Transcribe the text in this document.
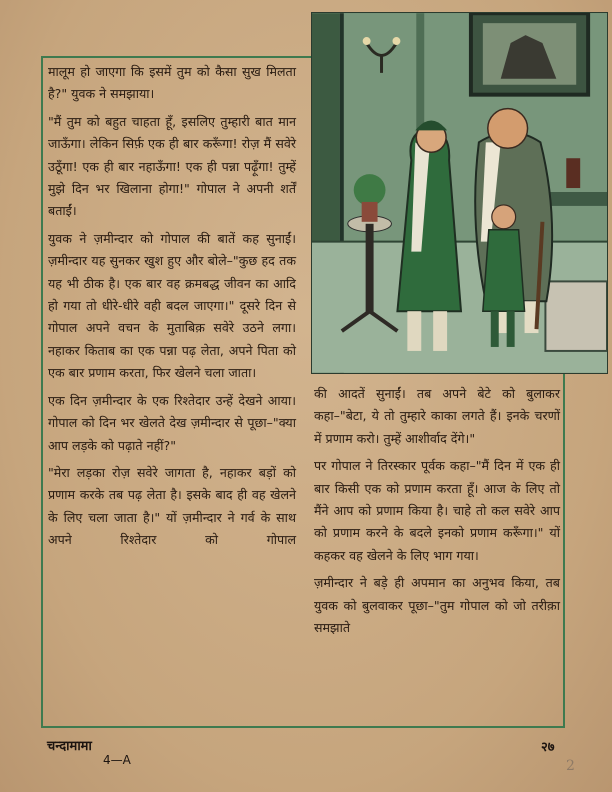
मालूम हो जाएगा कि इसमें तुम को कैसा सुख मिलता है?" युवक ने समझाया।

"मैं तुम को बहुत चाहता हूँ, इसलिए तुम्हारी बात मान जाऊँगा। लेकिन सिर्फ़ एक ही बार करूँगा! रोज़ मैं सवेरे उठूँगा! एक ही बार नहाऊँगा! एक ही पन्ना पढ़ूँगा! तुम्हें मुझे दिन भर खिलाना होगा!" गोपाल ने अपनी शर्तें बताईं।

युवक ने ज़मीन्दार को गोपाल की बातें कह सुनाईं। ज़मीन्दार यह सुनकर खुश हुए और बोले–"कुछ हद तक यह भी ठीक है। एक बार वह क्रमबद्ध जीवन का आदि हो गया तो धीरे-धीरे वही बदल जाएगा।" दूसरे दिन से गोपाल अपने वचन के मुताबिक़ सवेरे उठने लगा। नहाकर किताब का एक पन्ना पढ़ लेता, अपने पिता को एक बार प्रणाम करता, फिर खेलने चला जाता।

एक दिन ज़मीन्दार के एक रिश्तेदार उन्हें देखने आया। गोपाल को दिन भर खेलते देख ज़मीन्दार से पूछा–"क्या आप लड़के को पढ़ाते नहीं?"

"मेरा लड़का रोज़ सवेरे जागता है, नहाकर बड़ों को प्रणाम करके तब पढ़ लेता है। इसके बाद ही वह खेलने के लिए चला जाता है।" यों ज़मीन्दार ने गर्व के साथ अपने रिश्तेदार को गोपाल

की आदतें सुनाईं। तब अपने बेटे को बुलाकर कहा–"बेटा, ये तो तुम्हारे काका लगते हैं। इनके चरणों में प्रणाम करो। तुम्हें आशीर्वाद देंगे।"

पर गोपाल ने तिरस्कार पूर्वक कहा–"मैं दिन में एक ही बार किसी एक को प्रणाम करता हूँ। आज के लिए तो मैंने आप को प्रणाम किया है। चाहे तो कल सवेरे आप को प्रणाम करने के बदले इनको प्रणाम करूँगा।" यों कहकर वह खेलने के लिए भाग गया।

ज़मीन्दार ने बड़े ही अपमान का अनुभव किया, तब युवक को बुलवाकर पूछा–"तुम गोपाल को जो तरीक़ा समझाते

चन्दामामा
4—A
२७
2
